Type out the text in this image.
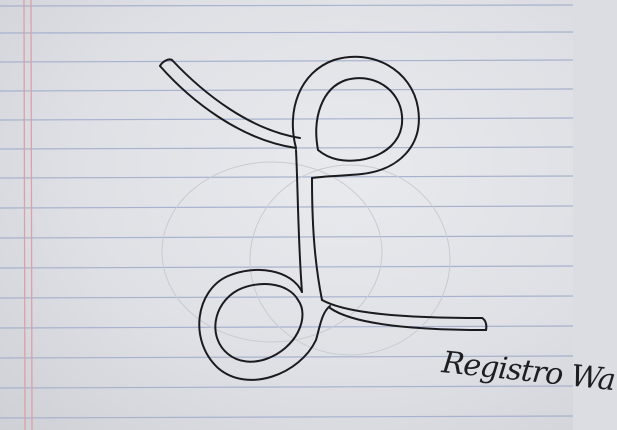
Registro Wa
